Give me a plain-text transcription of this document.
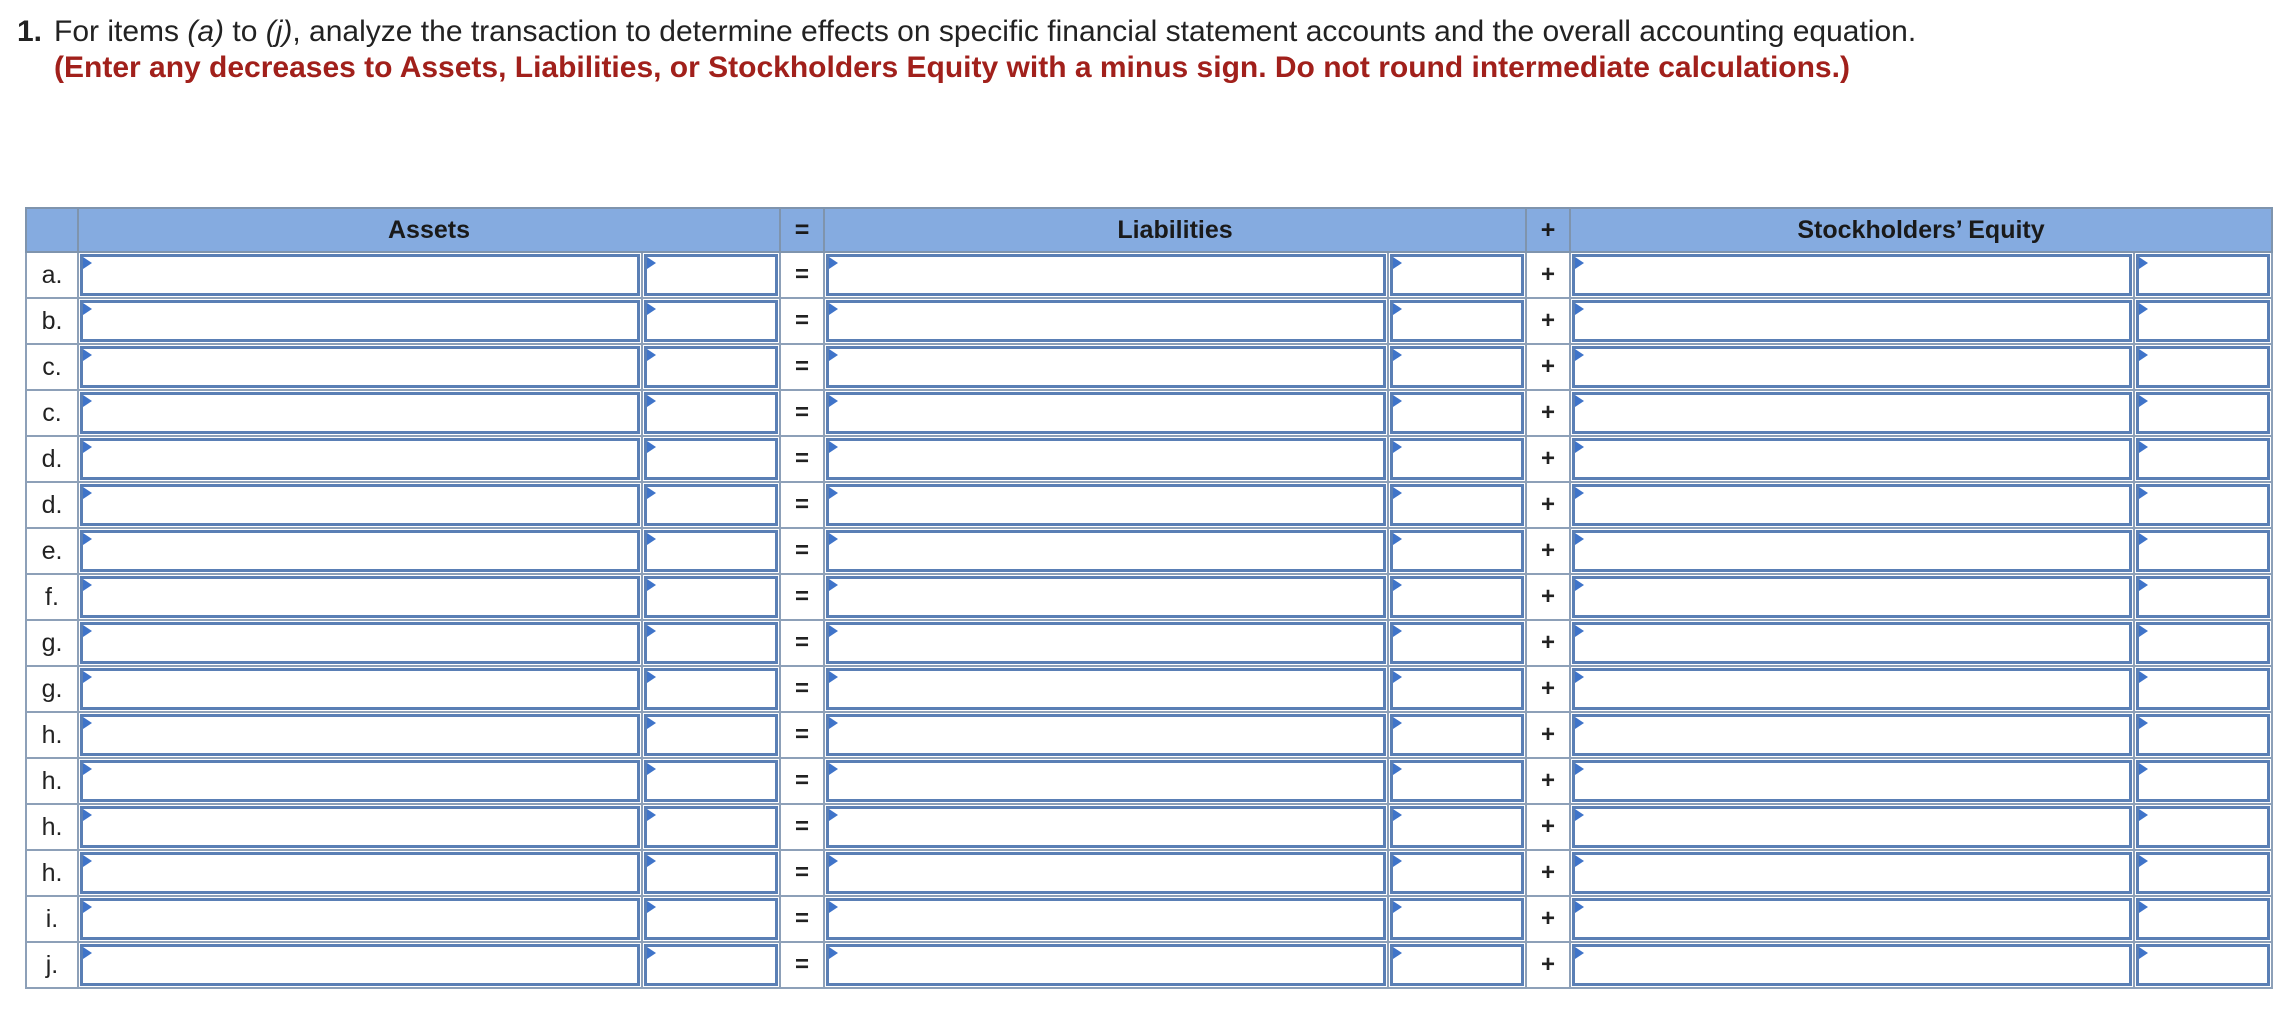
1. For items (a) to (j), analyze the transaction to determine effects on specific financial statement accounts and the overall accounting equation. (Enter any decreases to Assets, Liabilities, or Stockholders Equity with a minus sign. Do not round intermediate calculations.)
	Assets		=	Liabilities		+	Stockholders’ Equity	
a.			=			+	

b.			=			+	

c.			=			+	

c.			=			+	

d.			=			+	

d.			=			+	

e.			=			+	

f.			=			+	

g.			=			+	

g.			=			+	

h.			=			+	

h.			=			+	

h.			=			+	

h.			=			+	

i.			=			+	

j.			=			+	
